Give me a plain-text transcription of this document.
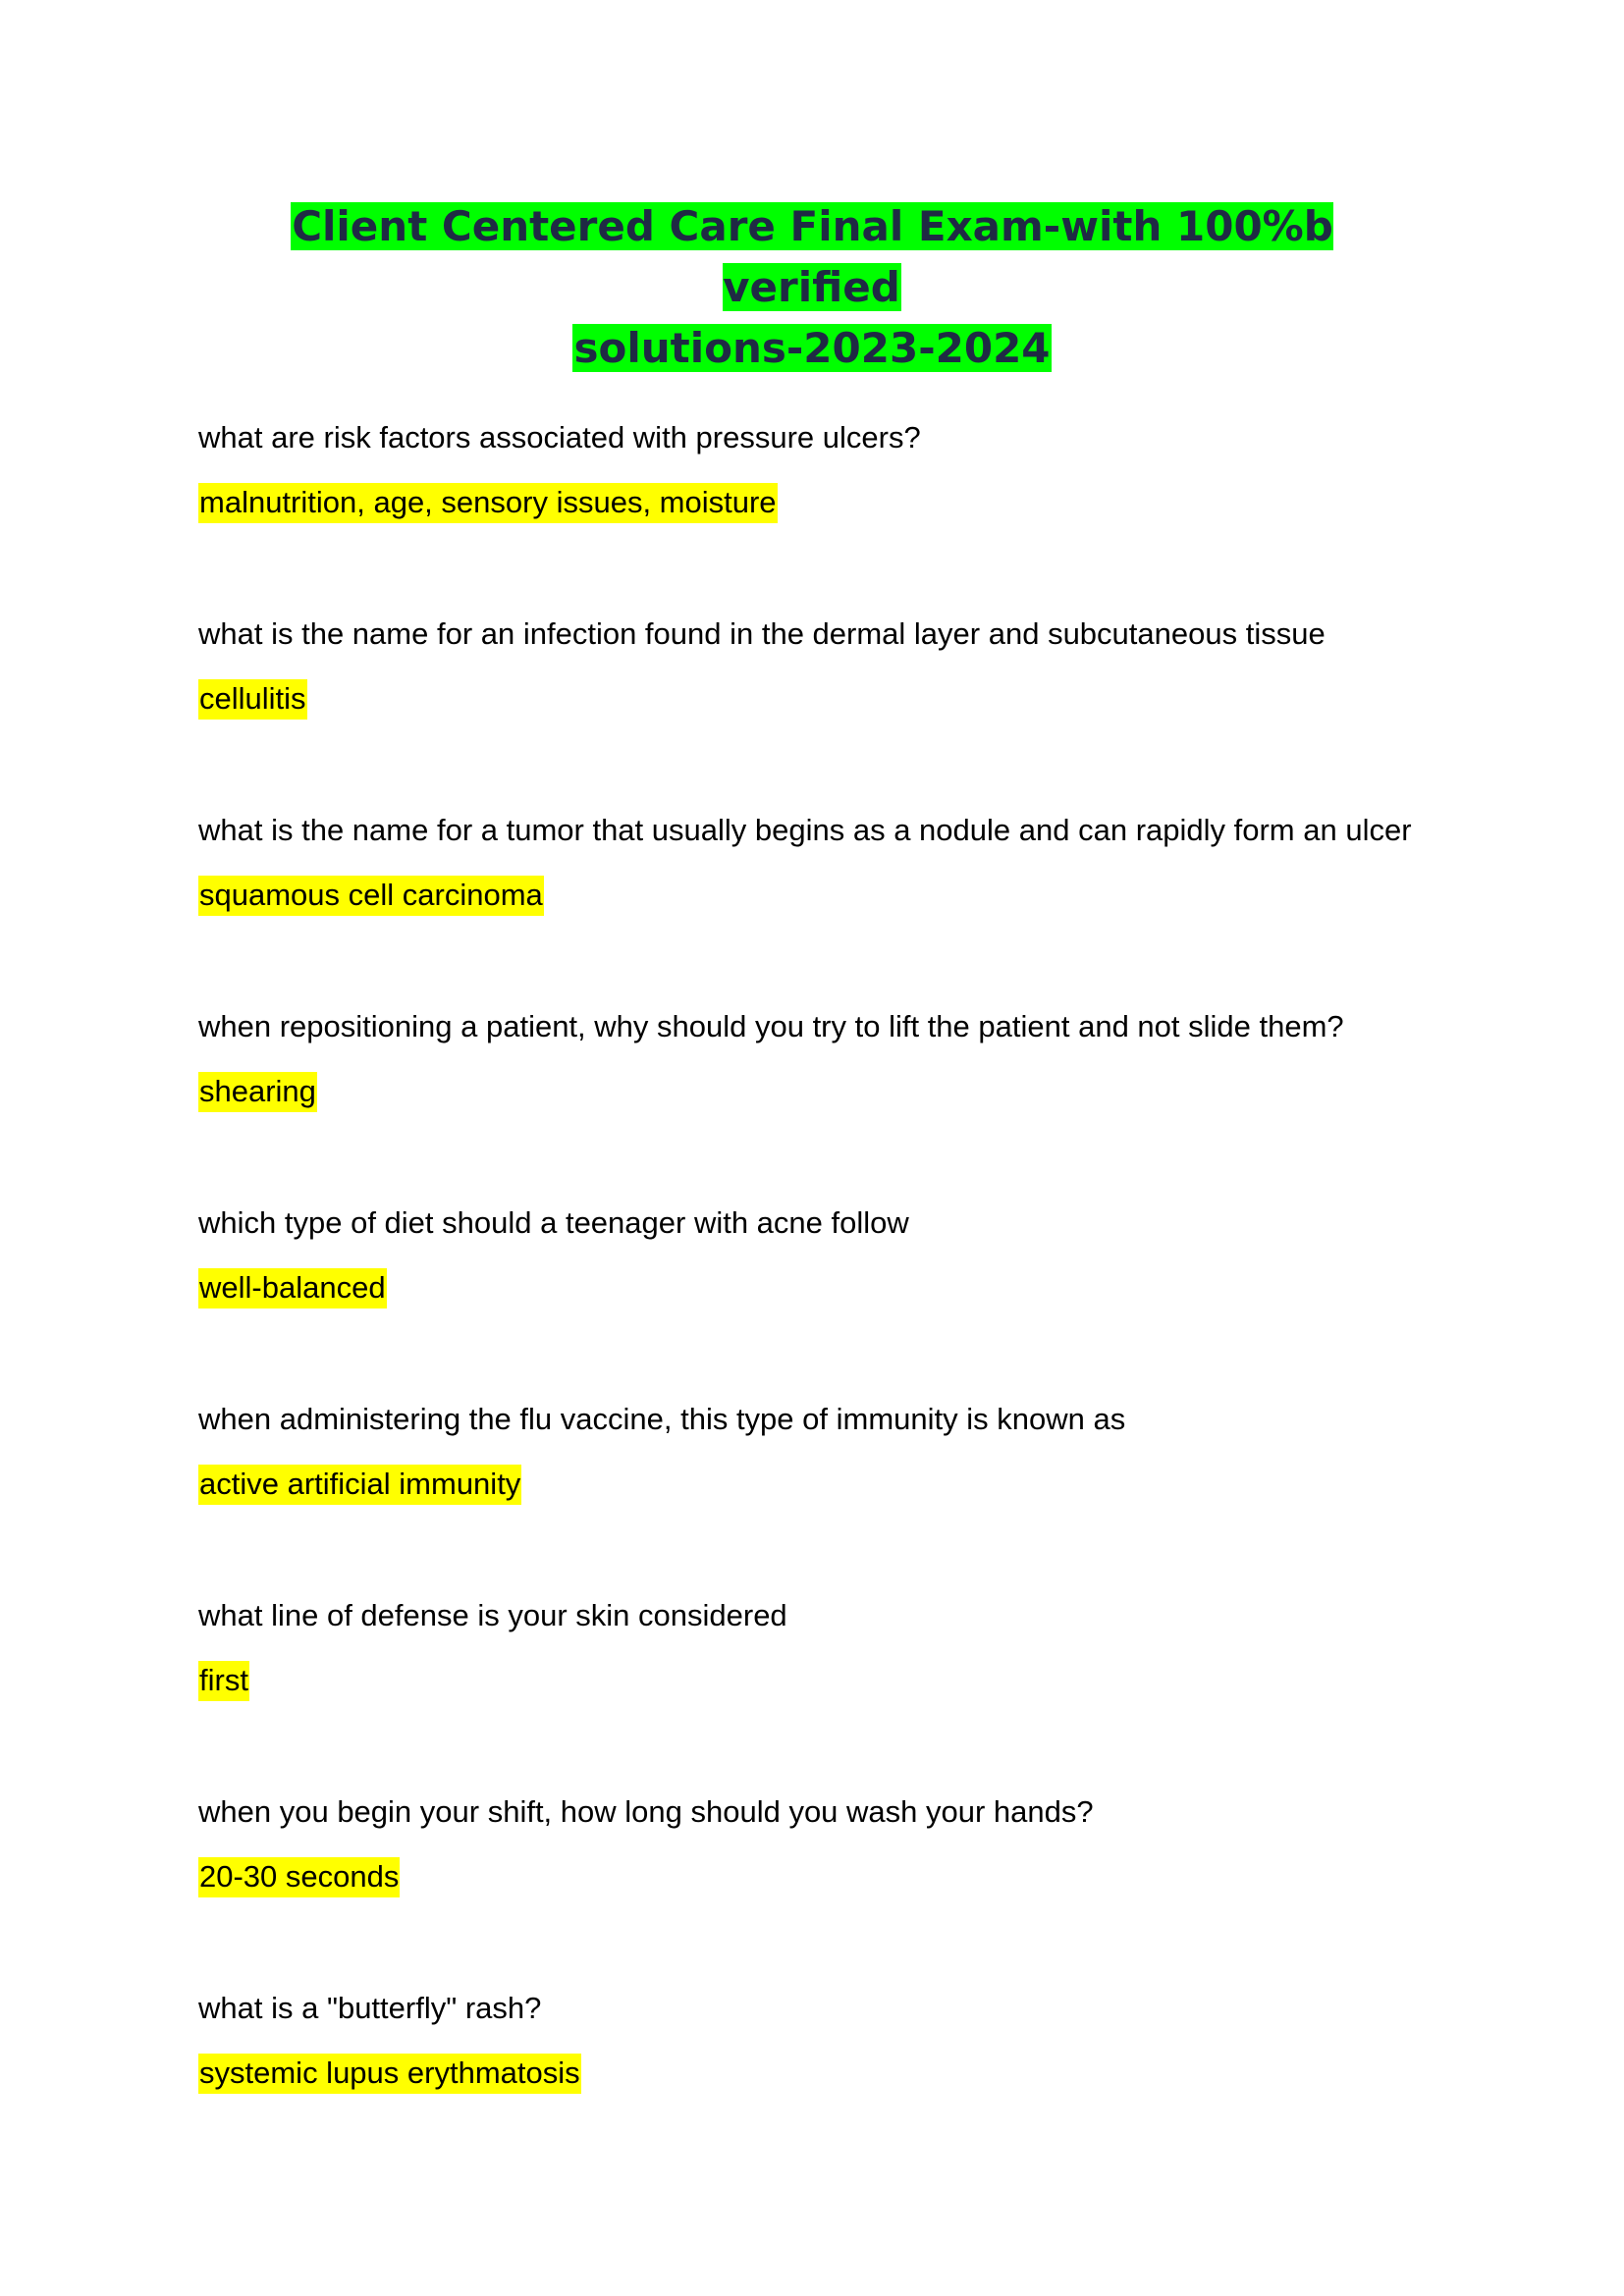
Client Centered Care Final Exam-with 100%b verified
solutions-2023-2024

what are risk factors associated with pressure ulcers?

malnutrition, age, sensory issues, moisture

what is the name for an infection found in the dermal layer and subcutaneous tissue

cellulitis

what is the name for a tumor that usually begins as a nodule and can rapidly form an ulcer

squamous cell carcinoma

when repositioning a patient, why should you try to lift the patient and not slide them?

shearing

which type of diet should a teenager with acne follow

well-balanced

when administering the flu vaccine, this type of immunity is known as

active artificial immunity

what line of defense is your skin considered

first

when you begin your shift, how long should you wash your hands?

20-30 seconds

what is a "butterfly" rash?

systemic lupus erythmatosis
